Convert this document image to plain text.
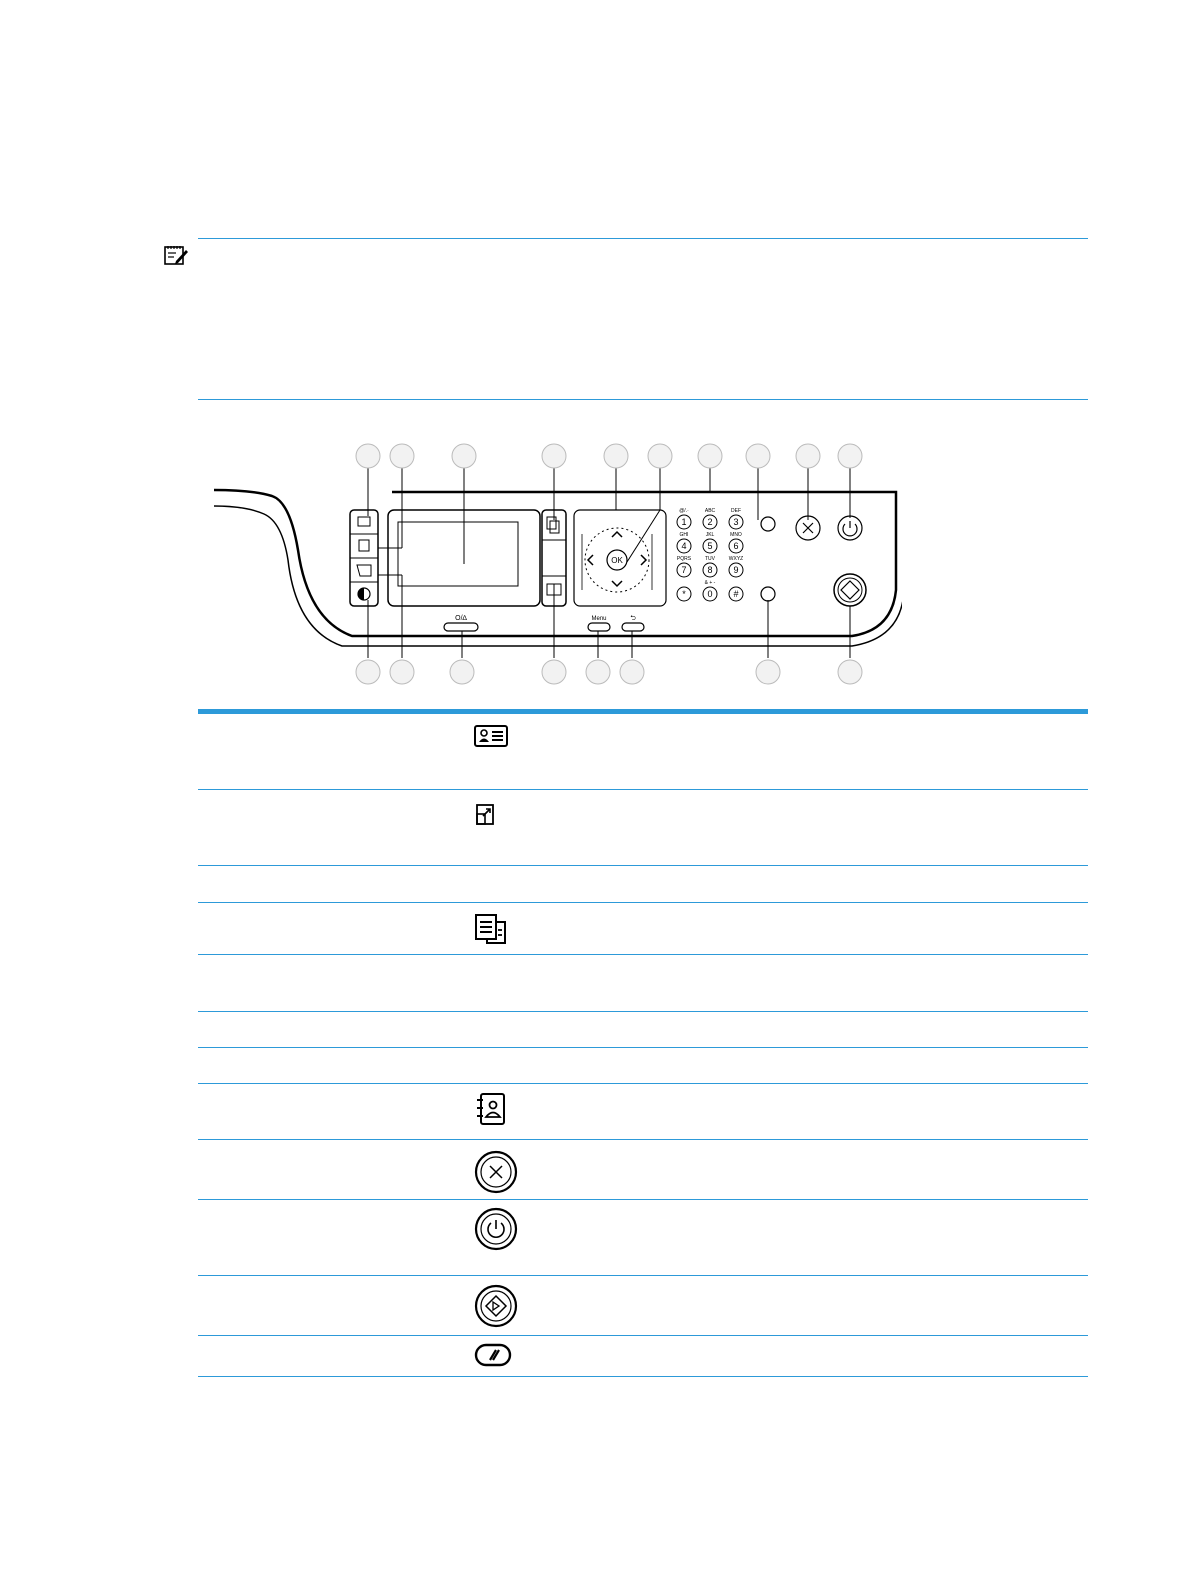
OK
Menu	⮌
O/∆
1 2 3
4 5 6
7 8 9
* 0 #
@/.·	ABC	DEF
GHI	JKL	MNO
PQRS	TUV	WXYZ
& + -
